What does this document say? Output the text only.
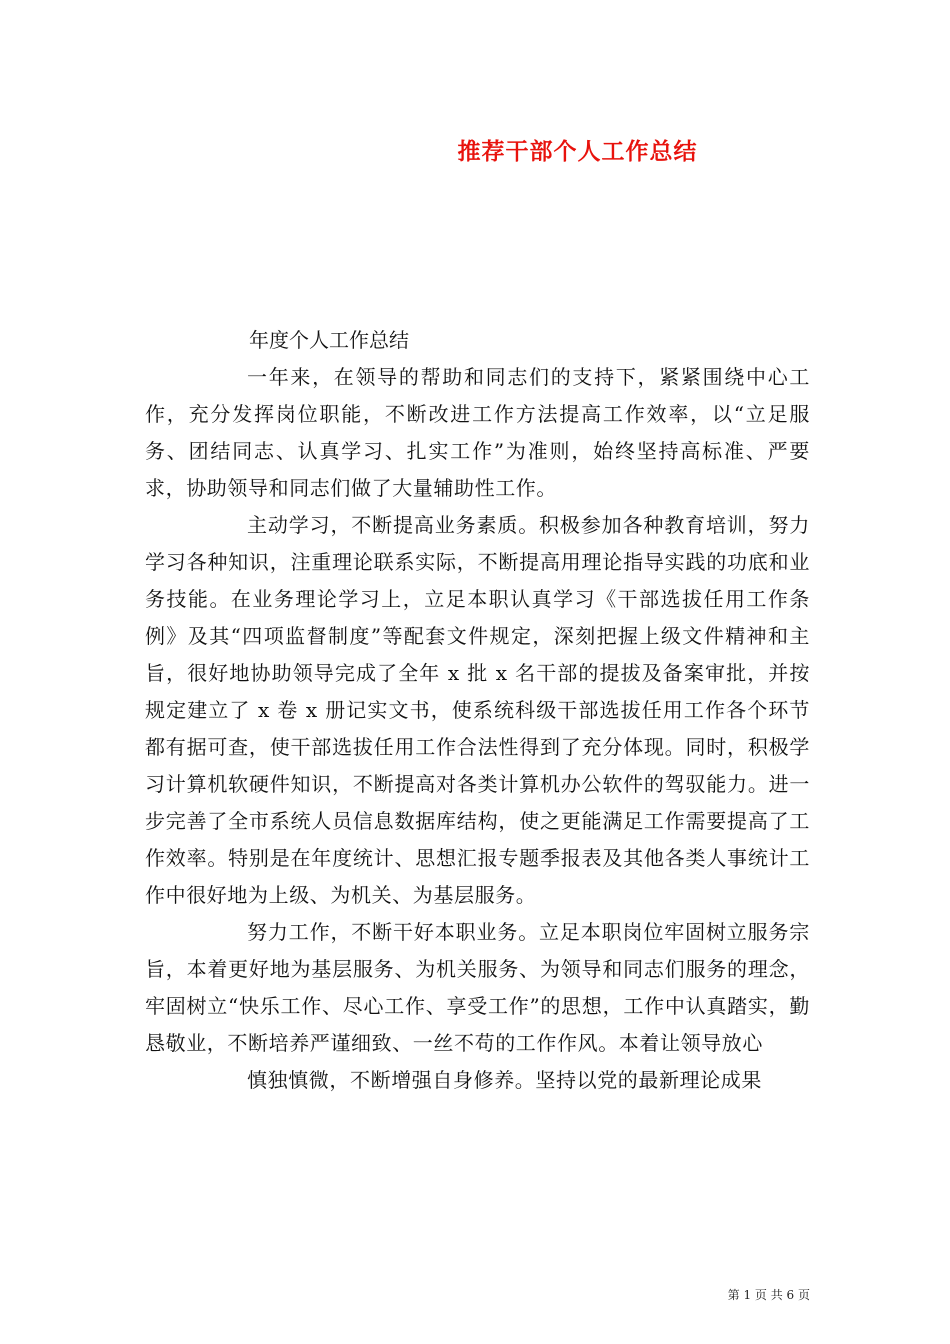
推荐干部个人工作总结

年度个人工作总结

一年来，在领导的帮助和同志们的支持下，紧紧围绕中心工作，充分发挥岗位职能，不断改进工作方法提高工作效率，以“立足服务、团结同志、认真学习、扎实工作”为准则，始终坚持高标准、严要求，协助领导和同志们做了大量辅助性工作。

主动学习，不断提高业务素质。积极参加各种教育培训，努力学习各种知识，注重理论联系实际，不断提高用理论指导实践的功底和业务技能。在业务理论学习上，立足本职认真学习《干部选拔任用工作条例》及其“四项监督制度”等配套文件规定，深刻把握上级文件精神和主旨，很好地协助领导完成了全年 x 批 x 名干部的提拔及备案审批，并按规定建立了 x 卷 x 册记实文书，使系统科级干部选拔任用工作各个环节都有据可查，使干部选拔任用工作合法性得到了充分体现。同时，积极学习计算机软硬件知识，不断提高对各类计算机办公软件的驾驭能力。进一步完善了全市系统人员信息数据库结构，使之更能满足工作需要提高了工作效率。特别是在年度统计、思想汇报专题季报表及其他各类人事统计工作中很好地为上级、为机关、为基层服务。

努力工作，不断干好本职业务。立足本职岗位牢固树立服务宗旨，本着更好地为基层服务、为机关服务、为领导和同志们服务的理念，牢固树立“快乐工作、尽心工作、享受工作”的思想，工作中认真踏实，勤恳敬业，不断培养严谨细致、一丝不苟的工作作风。本着让领导放心

慎独慎微，不断增强自身修养。坚持以党的最新理论成果

第 1 页 共 6 页
